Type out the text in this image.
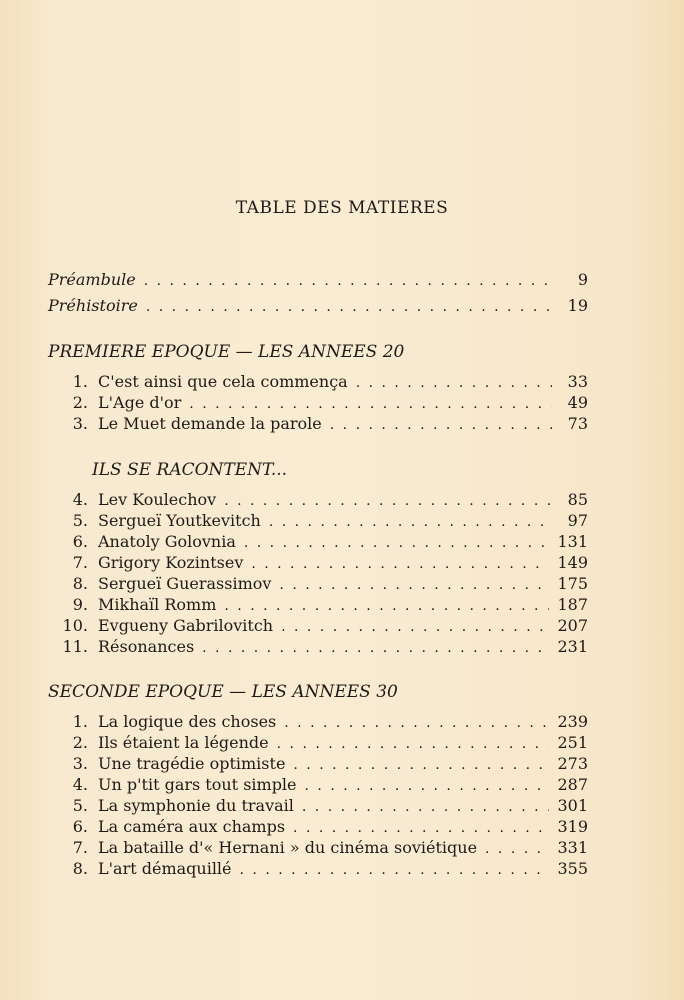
TABLE DES MATIERES
Préambule . . .	9
Préhistoire . . .	19
PREMIERE EPOQUE — LES ANNEES 20
1. C'est ainsi que cela commença . . .	33
2. L'Age d'or . . .	49
3. Le Muet demande la parole . . .	73
ILS SE RACONTENT...
4. Lev Koulechov . . .	85
5. Sergueï Youtkevitch . . .	97
6. Anatoly Golovnia . . .	131
7. Grigory Kozintsev . . .	149
8. Sergueï Guerassimov . . .	175
9. Mikhaïl Romm . . .	187
10. Evgueny Gabrilovitch . . .	207
11. Résonances . . .	231
SECONDE EPOQUE — LES ANNEES 30
1. La logique des choses . . .	239
2. Ils étaient la légende . . .	251
3. Une tragédie optimiste . . .	273
4. Un p'tit gars tout simple . . .	287
5. La symphonie du travail . . .	301
6. La caméra aux champs . . .	319
7. La bataille d'« Hernani » du cinéma soviétique . . .	331
8. L'art démaquillé . . .	355
